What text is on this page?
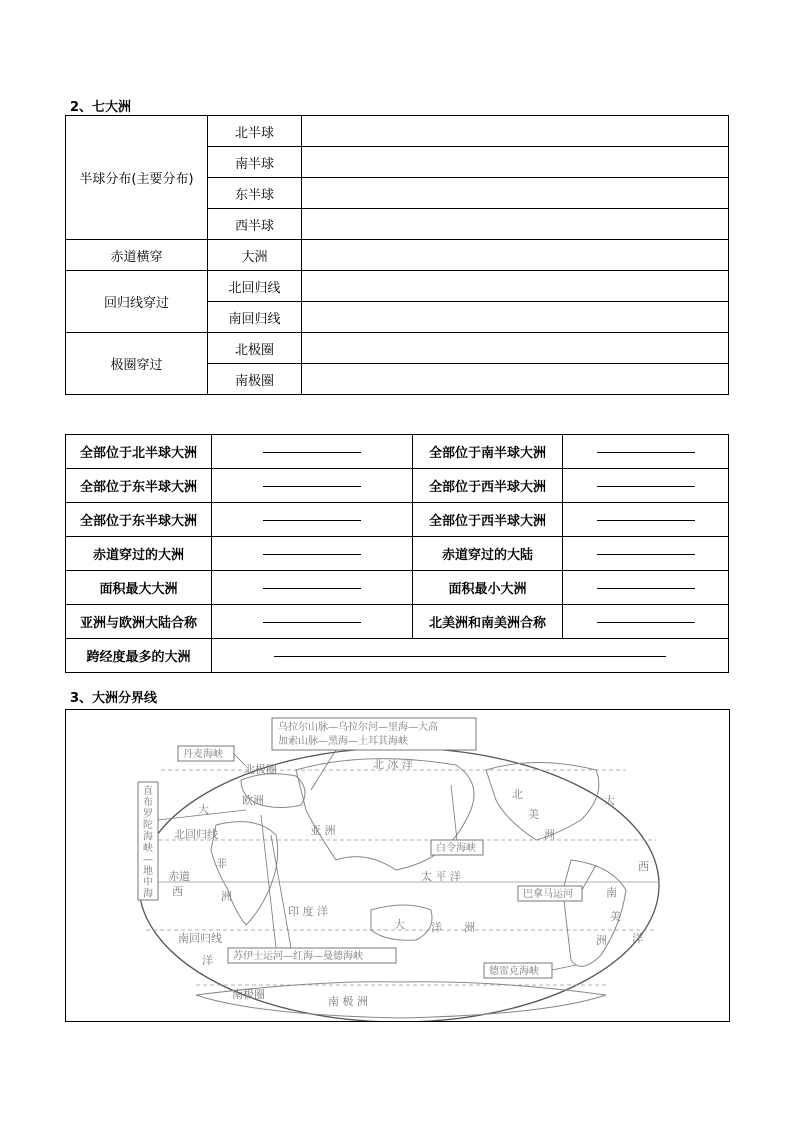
2、七大洲
半球分布(主要分布)	北半球	
	南半球	
	东半球	
	西半球	
赤道横穿	大洲	
回归线穿过	北回归线	
	南回归线	
极圈穿过	北极圈	
	南极圈	
全部位于北半球大洲		全部位于南半球大洲	
全部位于东半球大洲		全部位于西半球大洲	
全部位于东半球大洲		全部位于西半球大洲	
赤道穿过的大洲		赤道穿过的大陆	
面积最大大洲		面积最小大洲	
亚洲与欧洲大陆合称		北美洲和南美洲合称	
跨经度最多的大洲			
3、大洲分界线
乌拉尔山脉—乌拉尔河—里海—大高
加索山脉—黑海—土耳其海峡
丹麦海峡
直
布
罗
陀
海
峡
—
地
中
海
白令海峡
巴拿马运河
苏伊士运河—红海—曼德海峡
德雷克海峡
北极圈	北 冰 洋
欧洲
亚 洲
北
美
洲
北回归线
非
洲
赤道	太 平 洋
印 度 洋
大 洋 洲
南
美
洲
南回归线
南极圈
南 极 洲
大
西
洋
大
西
洋
